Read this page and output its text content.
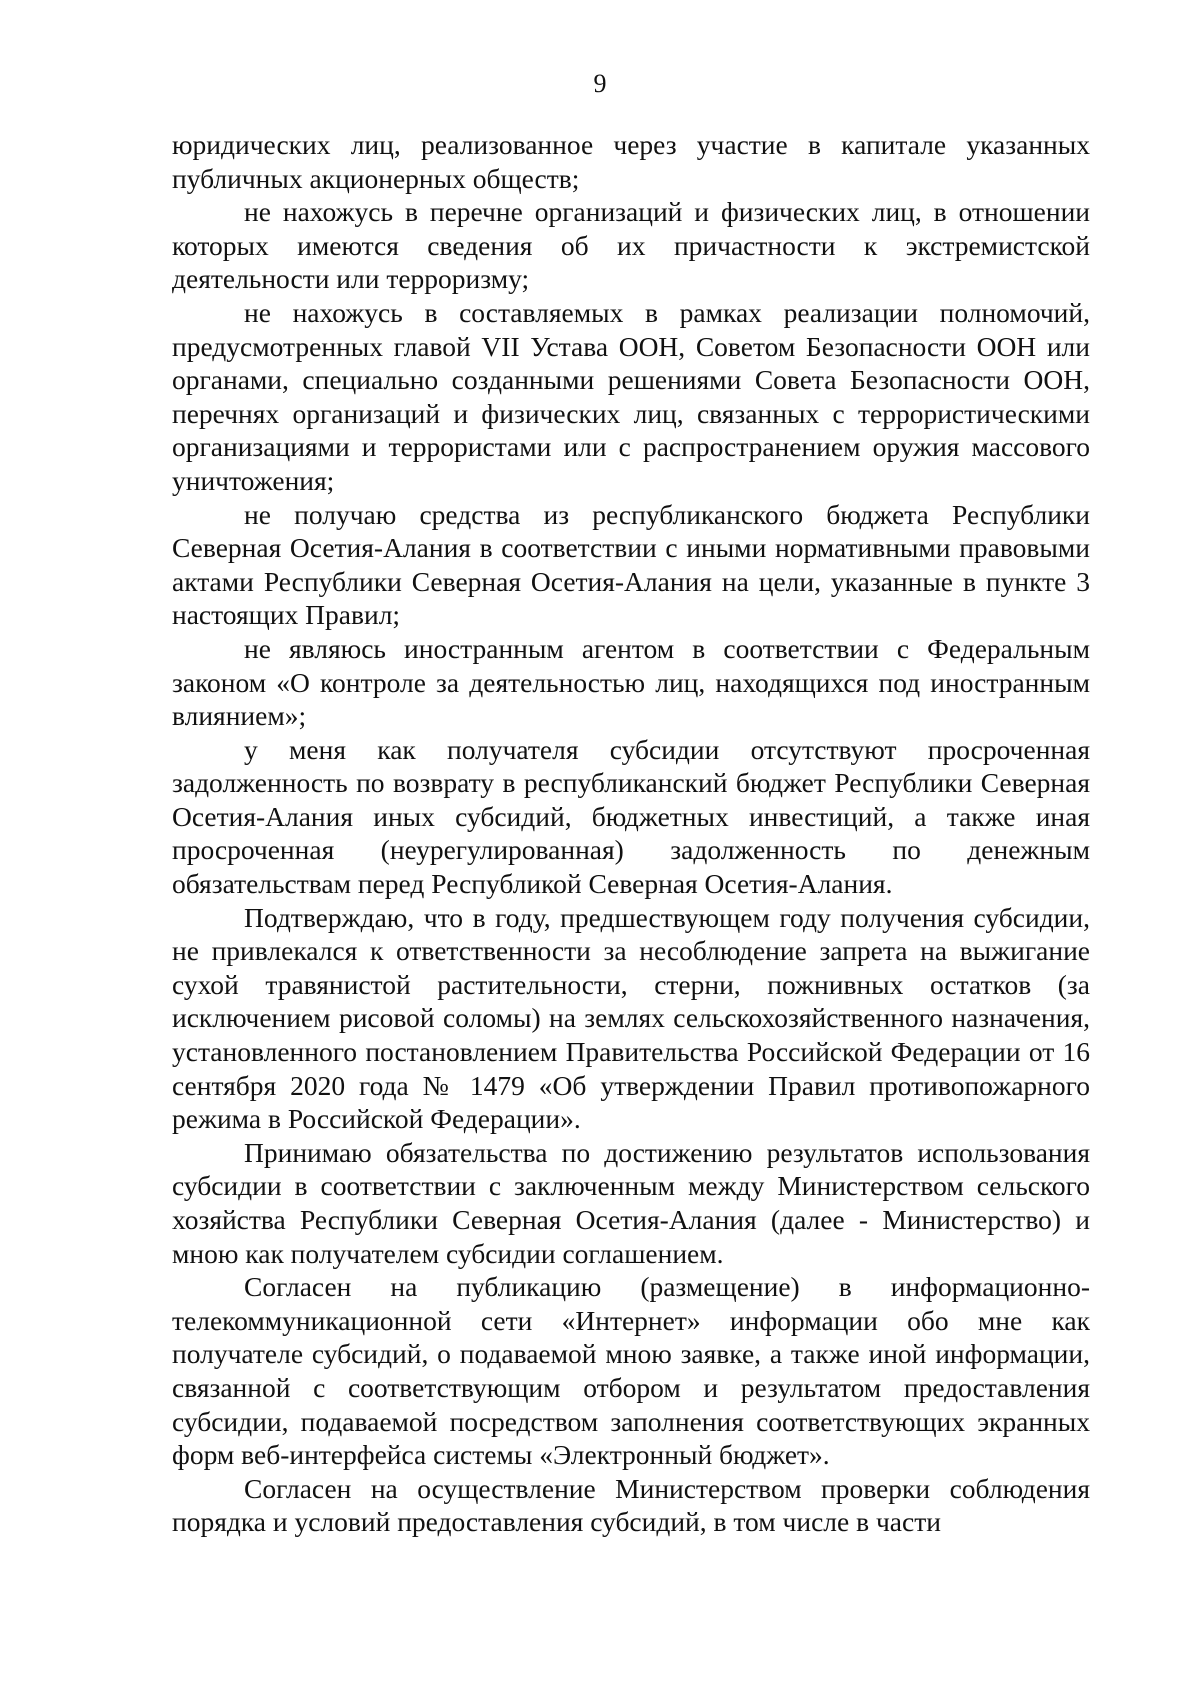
9

юридических лиц, реализованное через участие в капитале указанных публичных акционерных обществ;

не нахожусь в перечне организаций и физических лиц, в отношении которых имеются сведения об их причастности к экстремистской деятельности или терроризму;

не нахожусь в составляемых в рамках реализации полномочий, предусмотренных главой VII Устава ООН, Советом Безопасности ООН или органами, специально созданными решениями Совета Безопасности ООН, перечнях организаций и физических лиц, связанных с террористическими организациями и террористами или с распространением оружия массового уничтожения;

не получаю средства из республиканского бюджета Республики Северная Осетия-Алания в соответствии с иными нормативными правовыми актами Республики Северная Осетия-Алания на цели, указанные в пункте 3 настоящих Правил;

не являюсь иностранным агентом в соответствии с Федеральным законом «О контроле за деятельностью лиц, находящихся под иностранным влиянием»;

у меня как получателя субсидии отсутствуют просроченная задолженность по возврату в республиканский бюджет Республики Северная Осетия-Алания иных субсидий, бюджетных инвестиций, а также иная просроченная (неурегулированная) задолженность по денежным обязательствам перед Республикой Северная Осетия-Алания.

Подтверждаю, что в году, предшествующем году получения субсидии, не привлекался к ответственности за несоблюдение запрета на выжигание сухой травянистой растительности, стерни, пожнивных остатков (за исключением рисовой соломы) на землях сельскохозяйственного назначения, установленного постановлением Правительства Российской Федерации от 16 сентября 2020 года № 1479 «Об утверждении Правил противопожарного режима в Российской Федерации».

Принимаю обязательства по достижению результатов использования субсидии в соответствии с заключенным между Министерством сельского хозяйства Республики Северная Осетия-Алания (далее - Министерство) и мною как получателем субсидии соглашением.

Согласен на публикацию (размещение) в информационно-телекоммуникационной сети «Интернет» информации обо мне как получателе субсидий, о подаваемой мною заявке, а также иной информации, связанной с соответствующим отбором и результатом предоставления субсидии, подаваемой посредством заполнения соответствующих экранных форм веб-интерфейса системы «Электронный бюджет».

Согласен на осуществление Министерством проверки соблюдения порядка и условий предоставления субсидий, в том числе в части
